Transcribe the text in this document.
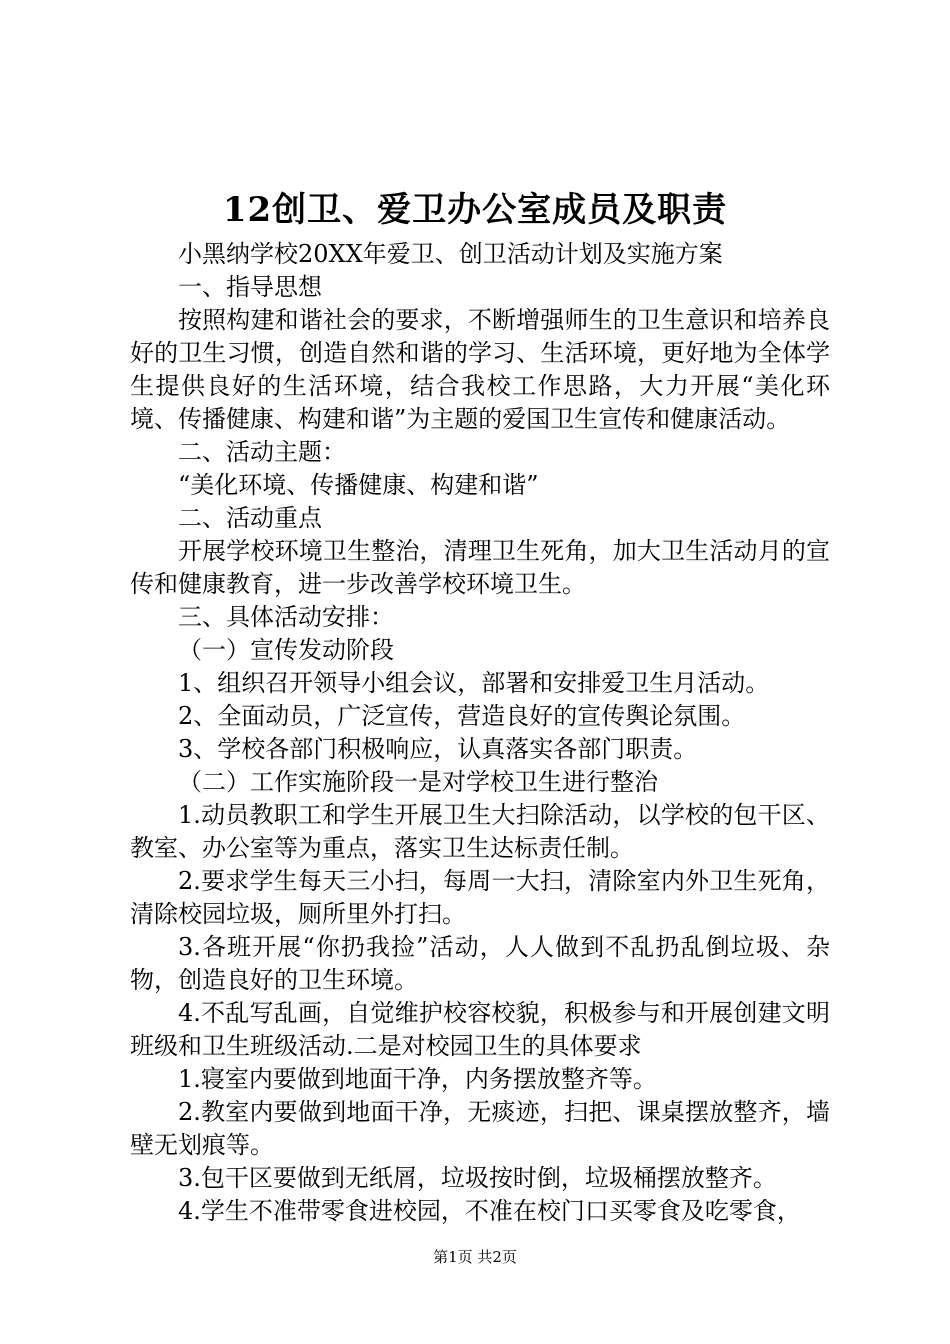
12创卫、爱卫办公室成员及职责

小黑纳学校20XX年爱卫、创卫活动计划及实施方案

一、指导思想

按照构建和谐社会的要求，不断增强师生的卫生意识和培养良好的卫生习惯，创造自然和谐的学习、生活环境，更好地为全体学生提供良好的生活环境，结合我校工作思路，大力开展“美化环境、传播健康、构建和谐”为主题的爱国卫生宣传和健康活动。

二、活动主题：

“美化环境、传播健康、构建和谐”

二、活动重点

开展学校环境卫生整治，清理卫生死角，加大卫生活动月的宣传和健康教育，进一步改善学校环境卫生。

三、具体活动安排：

（一）宣传发动阶段

1、组织召开领导小组会议，部署和安排爱卫生月活动。

2、全面动员，广泛宣传，营造良好的宣传舆论氛围。

3、学校各部门积极响应，认真落实各部门职责。

（二）工作实施阶段一是对学校卫生进行整治

1.动员教职工和学生开展卫生大扫除活动，以学校的包干区、教室、办公室等为重点，落实卫生达标责任制。

2.要求学生每天三小扫，每周一大扫，清除室内外卫生死角，清除校园垃圾，厕所里外打扫。

3.各班开展“你扔我捡”活动，人人做到不乱扔乱倒垃圾、杂物，创造良好的卫生环境。

4.不乱写乱画，自觉维护校容校貌，积极参与和开展创建文明班级和卫生班级活动.二是对校园卫生的具体要求

1.寝室内要做到地面干净，内务摆放整齐等。

2.教室内要做到地面干净，无痰迹，扫把、课桌摆放整齐，墙壁无划痕等。

3.包干区要做到无纸屑，垃圾按时倒，垃圾桶摆放整齐。

4.学生不准带零食进校园，不准在校门口买零食及吃零食，

第1页 共2页
